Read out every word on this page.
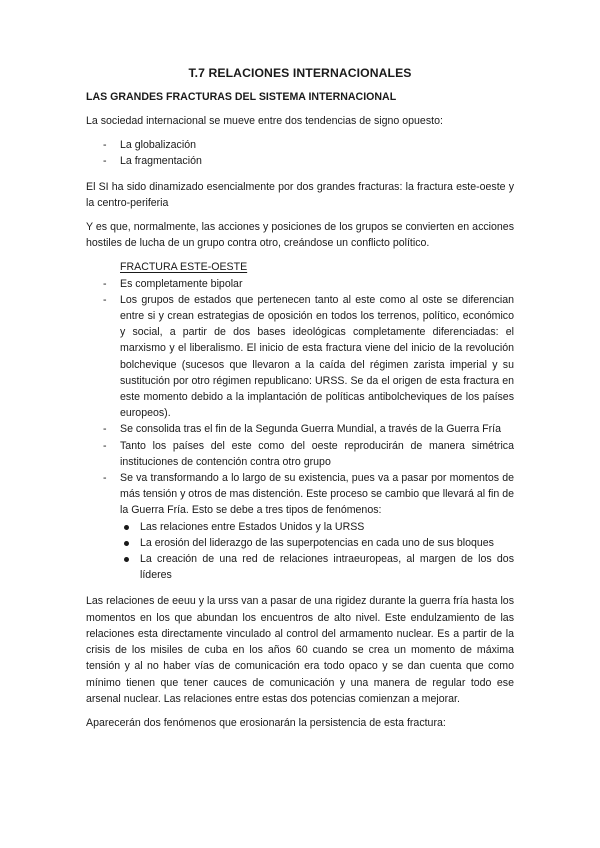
T.7 RELACIONES INTERNACIONALES
LAS GRANDES FRACTURAS DEL SISTEMA INTERNACIONAL

La sociedad internacional se mueve entre dos tendencias de signo opuesto:

- La globalización
- La fragmentación

El SI ha sido dinamizado esencialmente por dos grandes fracturas: la fractura este-oeste y la centro-periferia

Y es que, normalmente, las acciones y posiciones de los grupos se convierten en acciones hostiles de lucha de un grupo contra otro, creándose un conflicto político.

FRACTURA ESTE-OESTE

- Es completamente bipolar
- Los grupos de estados que pertenecen tanto al este como al oste se diferencian entre si y crean estrategias de oposición en todos los terrenos, político, económico y social, a partir de dos bases ideológicas completamente diferenciadas: el marxismo y el liberalismo. El inicio de esta fractura viene del inicio de la revolución bolchevique (sucesos que llevaron a la caída del régimen zarista imperial y su sustitución por otro régimen republicano: URSS. Se da el origen de esta fractura en este momento debido a la implantación de políticas antibolcheviques de los países europeos).
- Se consolida tras el fin de la Segunda Guerra Mundial, a través de la Guerra Fría
- Tanto los países del este como del oeste reproducirán de manera simétrica instituciones de contención contra otro grupo
- Se va transformando a lo largo de su existencia, pues va a pasar por momentos de más tensión y otros de mas distención. Este proceso se cambio que llevará al fin de la Guerra Fría. Esto se debe a tres tipos de fenómenos:
Las relaciones entre Estados Unidos y la URSS
La erosión del liderazgo de las superpotencias en cada uno de sus bloques
La creación de una red de relaciones intraeuropeas, al margen de los dos líderes

Las relaciones de eeuu y la urss van a pasar de una rigidez durante la guerra fría hasta los momentos en los que abundan los encuentros de alto nivel. Este endulzamiento de las relaciones esta directamente vinculado al control del armamento nuclear. Es a partir de la crisis de los misiles de cuba en los años 60 cuando se crea un momento de máxima tensión y al no haber vías de comunicación era todo opaco y se dan cuenta que como mínimo tienen que tener cauces de comunicación y una manera de regular todo ese arsenal nuclear. Las relaciones entre estas dos potencias comienzan a mejorar.

Aparecerán dos fenómenos que erosionarán la persistencia de esta fractura:
